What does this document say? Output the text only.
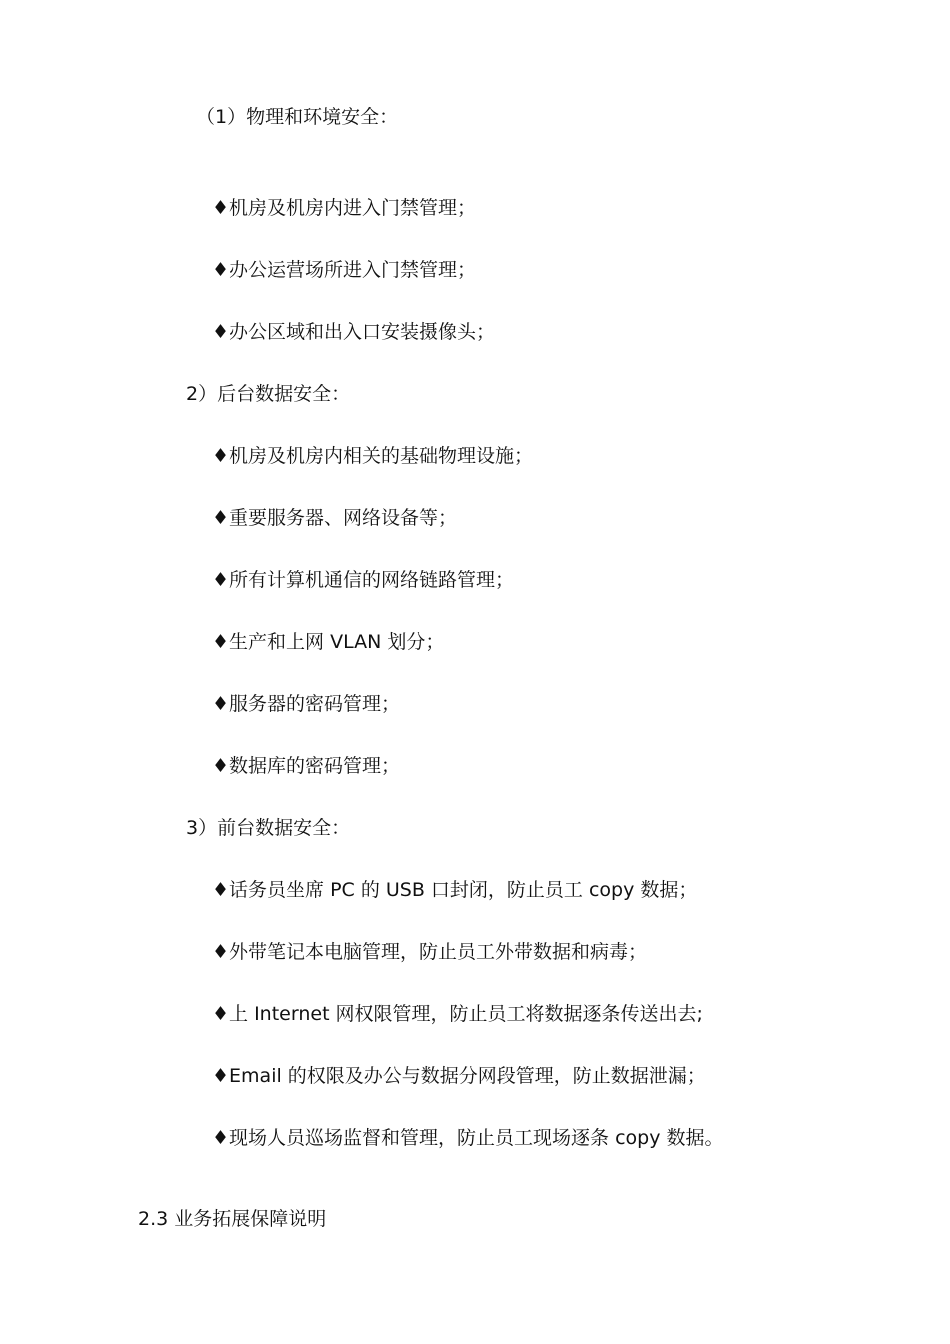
（1）物理和环境安全：
♦机房及机房内进入门禁管理；
♦办公运营场所进入门禁管理；
♦办公区域和出入口安装摄像头；
2）后台数据安全：
♦机房及机房内相关的基础物理设施；
♦重要服务器、网络设备等；
♦所有计算机通信的网络链路管理；
♦生产和上网 VLAN 划分；
♦服务器的密码管理；
♦数据库的密码管理；
3）前台数据安全：
♦话务员坐席 PC 的 USB 口封闭，防止员工 copy 数据；
♦外带笔记本电脑管理，防止员工外带数据和病毒；
♦上 Internet 网权限管理，防止员工将数据逐条传送出去;
♦Email 的权限及办公与数据分网段管理，防止数据泄漏；
♦现场人员巡场监督和管理，防止员工现场逐条 copy 数据。
2.3 业务拓展保障说明
